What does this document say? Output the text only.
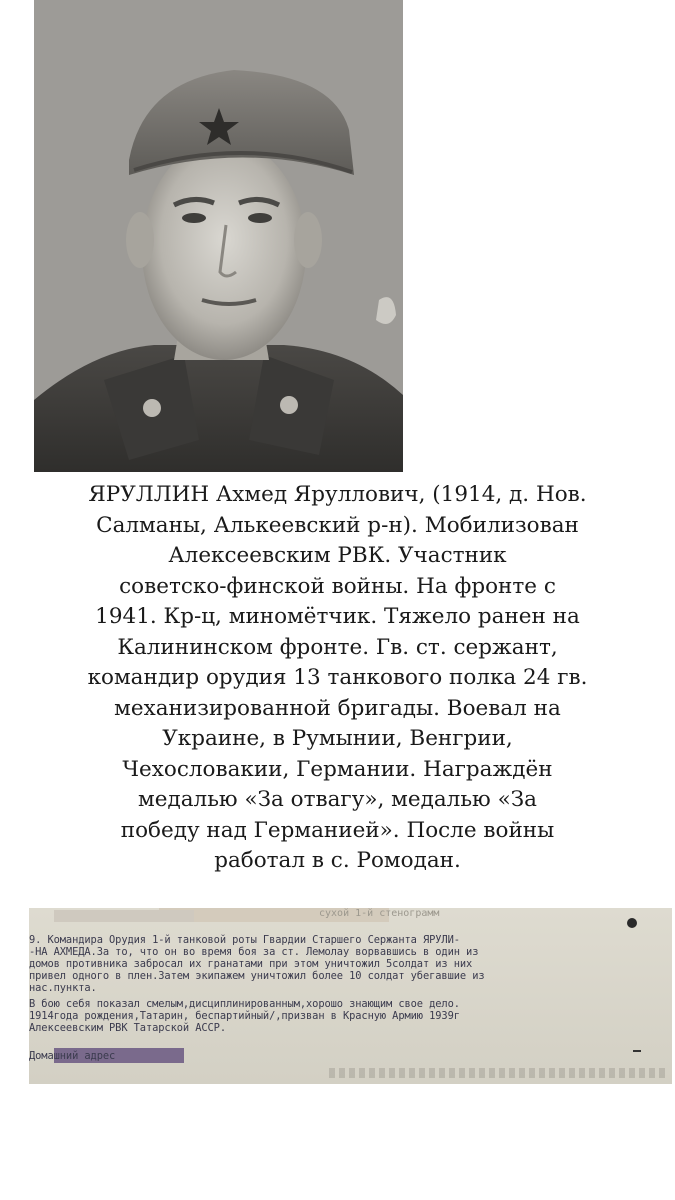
ЯРУЛЛИН Ахмед Яруллович, (1914, д. Нов.
Салманы, Алькеевский р-н). Мобилизован
Алексеевским РВК. Участник
советско-финской войны. На фронте с
1941. Кр-ц, миномётчик. Тяжело ранен на
Калининском фронте. Гв. ст. сержант,
командир орудия 13 танкового полка 24 гв.
механизированной бригады. Воевал на
Украине, в Румынии, Венгрии,
Чехословакии, Германии. Награждён
медалью «За отвагу», медалью «За
победу над Германией». После войны
работал в с. Ромодан.

сухой 1-й стенограмм
9. Командира Орудия 1-й танковой роты Гвардии Старшего Сержанта ЯРУЛИ-
-НА АХМЕДА.За то, что он во время боя за ст. Лемолау ворвавшись в один из
домов противника забросал их гранатами при этом уничтожил 5солдат из них
привел одного в плен.Затем экипажем уничтожил более 10 солдат убегавшие из
нас.пункта.
В бою себя показал смелым,дисциплинированным,хорошо знающим свое дело.
1914года рождения,Татарин, беспартийный/,призван в Красную Армию 1939г
Алексеевским РВК Татарской АССР.
Домашний адрес
